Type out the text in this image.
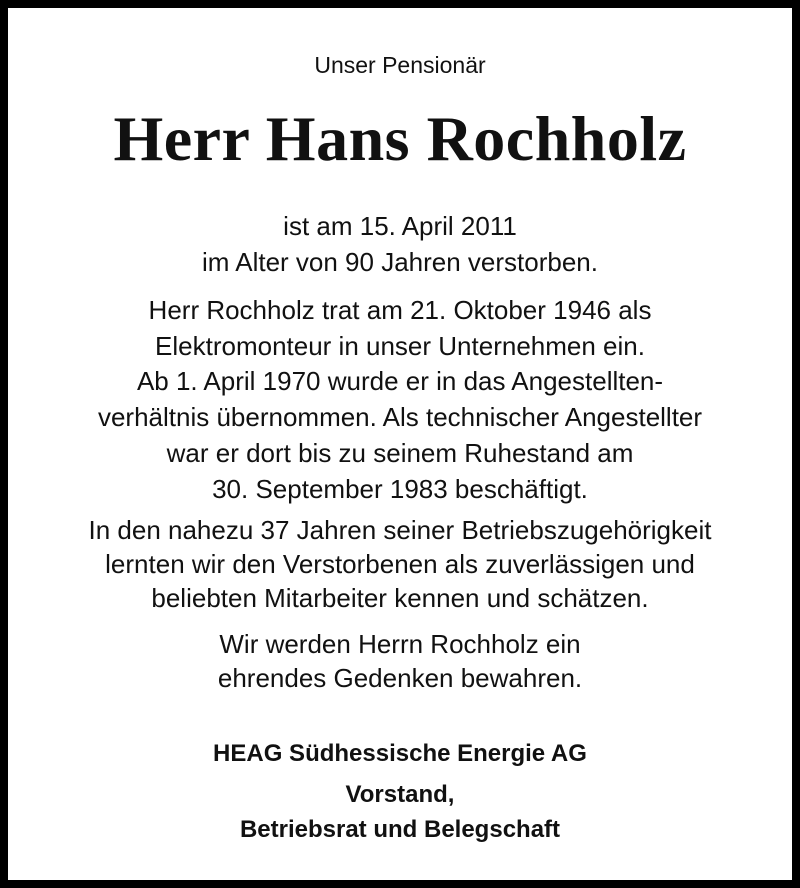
Unser Pensionär
Herr Hans Rochholz
ist am 15. April 2011
im Alter von 90 Jahren verstorben.
Herr Rochholz trat am 21. Oktober 1946 als
Elektromonteur in unser Unternehmen ein.
Ab 1. April 1970 wurde er in das Angestellten-
verhältnis übernommen. Als technischer Angestellter
war er dort bis zu seinem Ruhestand am
30. September 1983 beschäftigt.
In den nahezu 37 Jahren seiner Betriebszugehörigkeit
lernten wir den Verstorbenen als zuverlässigen und
beliebten Mitarbeiter kennen und schätzen.
Wir werden Herrn Rochholz ein
ehrendes Gedenken bewahren.
HEAG Südhessische Energie AG
Vorstand,
Betriebsrat und Belegschaft
